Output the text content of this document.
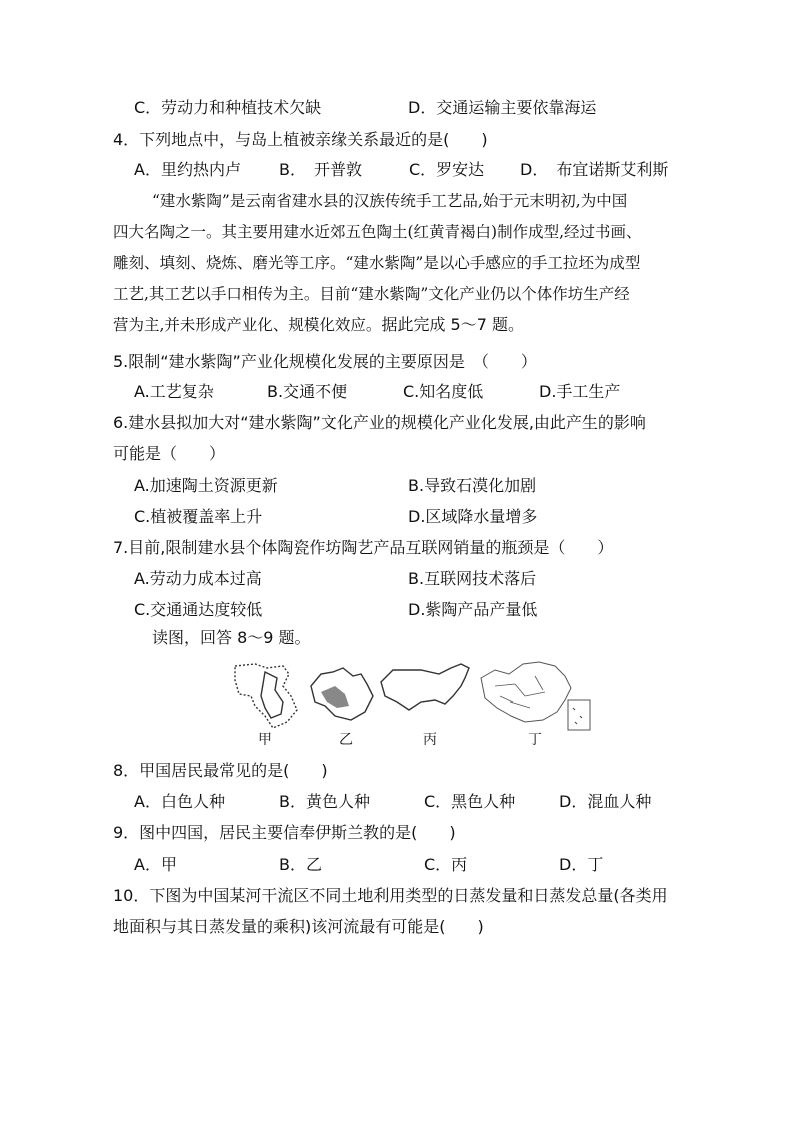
C．劳动力和种植技术欠缺	D．交通运输主要依靠海运
4．下列地点中，与岛上植被亲缘关系最近的是(　　)
A．里约热内卢 B．　开普敦	C．罗安达 D．　布宜诺斯艾利斯
“建水紫陶”是云南省建水县的汉族传统手工艺品,始于元末明初,为中国
四大名陶之一。其主要用建水近郊五色陶土(红黄青褐白)制作成型,经过书画、
雕刻、填刻、烧炼、磨光等工序。“建水紫陶”是以心手感应的手工拉坯为成型
工艺,其工艺以手口相传为主。目前“建水紫陶”文化产业仍以个体作坊生产经
营为主,并未形成产业化、规模化效应。据此完成 5～7 题。
5.限制“建水紫陶”产业化规模化发展的主要原因是　（　　）
A.工艺复杂	B.交通不便	C.知名度低	D.手工生产
6.建水县拟加大对“建水紫陶”文化产业的规模化产业化发展,由此产生的影响
可能是（　　）
A.加速陶土资源更新	B.导致石漠化加剧
C.植被覆盖率上升	D.区域降水量增多
7.目前,限制建水县个体陶瓷作坊陶艺产品互联网销量的瓶颈是（　　）
A.劳动力成本过高	B.互联网技术落后
C.交通通达度较低	D.紫陶产品产量低
读图，回答 8～9 题。
甲	乙	丙	丁
8．甲国居民最常见的是(　　)
A．白色人种	B．黄色人种	C．黑色人种	D．混血人种
9．图中四国，居民主要信奉伊斯兰教的是(　　)
A．甲	B．乙	C．丙	D．丁
10．下图为中国某河干流区不同土地利用类型的日蒸发量和日蒸发总量(各类用
地面积与其日蒸发量的乘积)该河流最有可能是(　　)
